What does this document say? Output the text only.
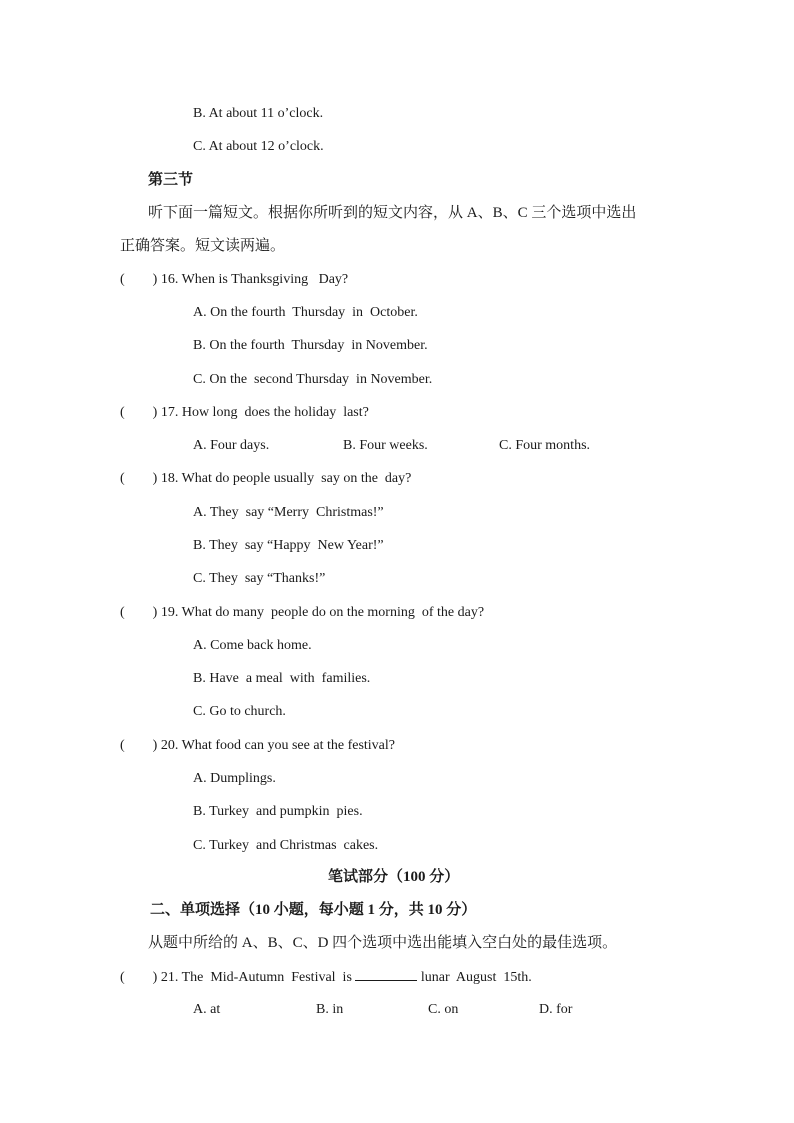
B. At about 11 o’clock.
C. At about 12 o’clock.
第三节
听下面一篇短文。根据你所听到的短文内容，从 A、B、C 三个选项中选出
正确答案。短文读两遍。
(        ) 16. When is Thanksgiving   Day?
A. On the fourth  Thursday  in  October.
B. On the fourth  Thursday  in November.
C. On the  second Thursday  in November.
(        ) 17. How long  does the holiday  last?
A. Four days.	B. Four weeks.	C. Four months.
(        ) 18. What do people usually  say on the  day?
A. They  say “Merry  Christmas!”
B. They  say “Happy  New Year!”
C. They  say “Thanks!”
(        ) 19. What do many  people do on the morning  of the day?
A. Come back home.
B. Have  a meal  with  families.
C. Go to church.
(        ) 20. What food can you see at the festival?
A. Dumplings.
B. Turkey  and pumpkin  pies.
C. Turkey  and Christmas  cakes.
笔试部分（100 分）
二、单项选择（10 小题，每小题 1 分，共 10 分）
从题中所给的 A、B、C、D 四个选项中选出能填入空白处的最佳选项。
(        ) 21. The  Mid-Autumn  Festival  is	lunar  August  15th.
A. at	B. in	C. on	D. for
